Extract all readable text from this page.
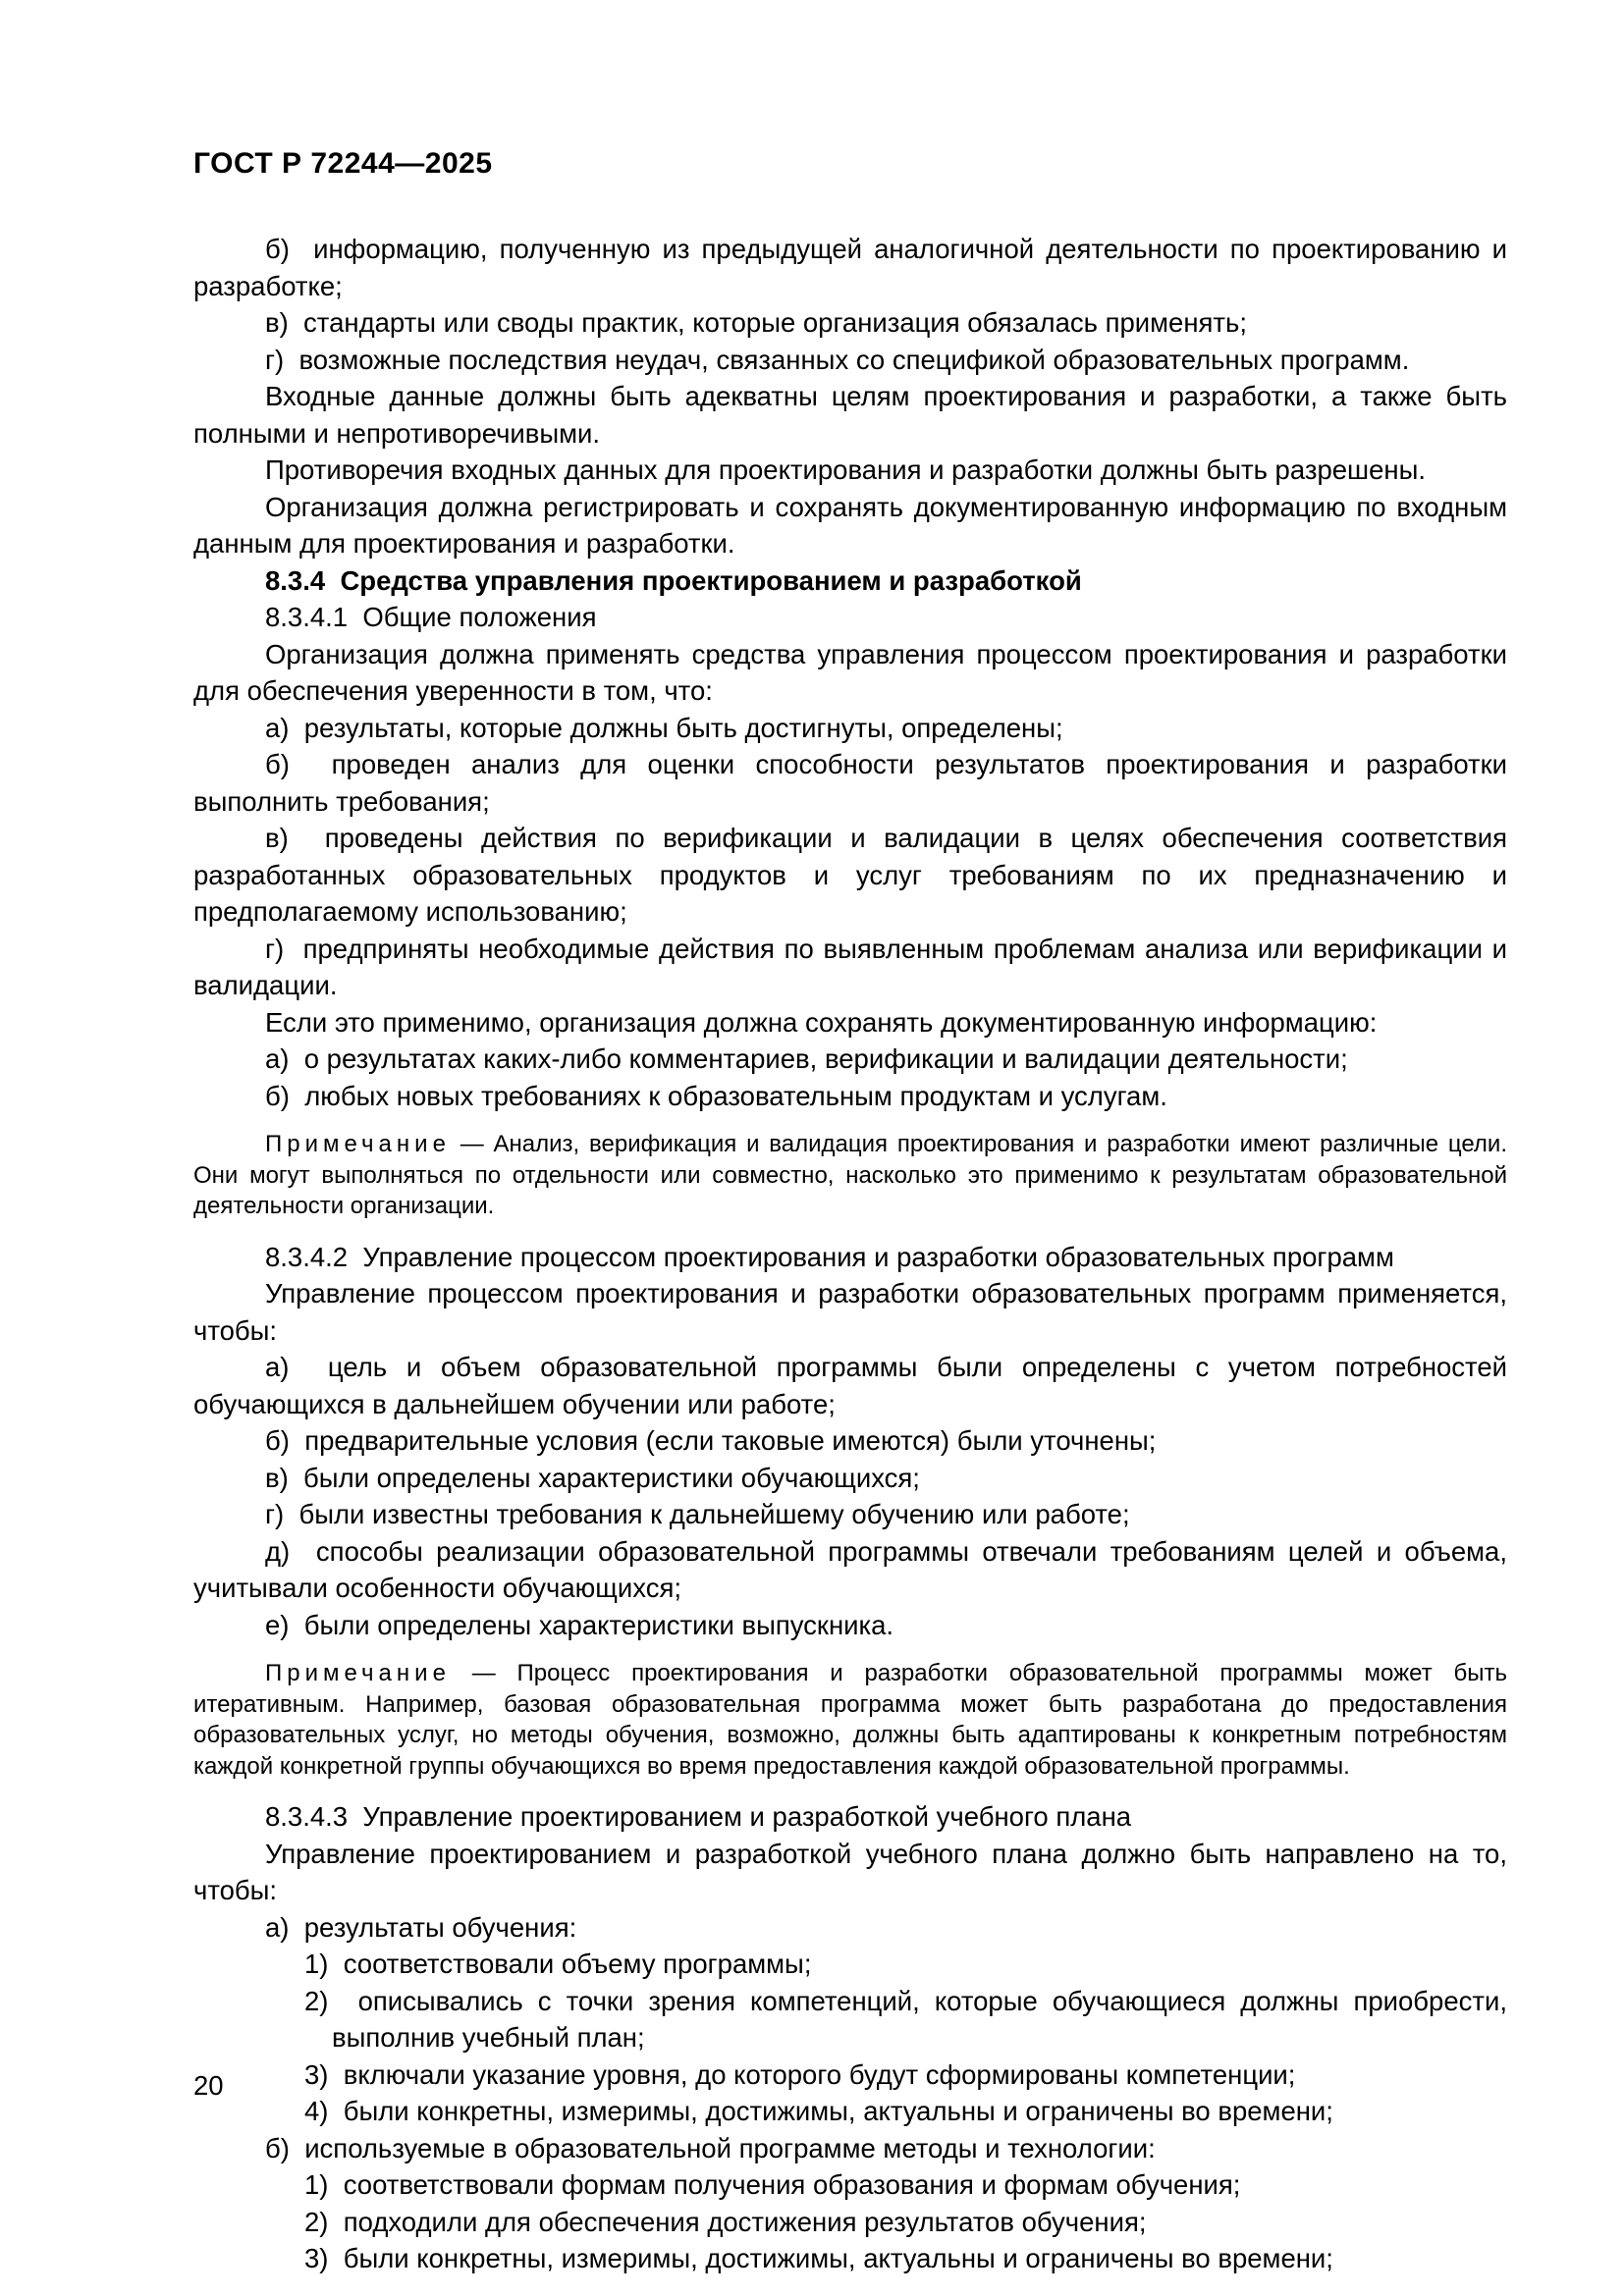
ГОСТ Р 72244—2025
б)  информацию, полученную из предыдущей аналогичной деятельности по проектированию и разработке;
в)  стандарты или своды практик, которые организация обязалась применять;
г)  возможные последствия неудач, связанных со спецификой образовательных программ.
Входные данные должны быть адекватны целям проектирования и разработки, а также быть полными и непротиворечивыми.
Противоречия входных данных для проектирования и разработки должны быть разрешены.
Организация должна регистрировать и сохранять документированную информацию по входным данным для проектирования и разработки.
8.3.4  Средства управления проектированием и разработкой
8.3.4.1  Общие положения
Организация должна применять средства управления процессом проектирования и разработки для обеспечения уверенности в том, что:
а)  результаты, которые должны быть достигнуты, определены;
б)  проведен анализ для оценки способности результатов проектирования и разработки выполнить требования;
в)  проведены действия по верификации и валидации в целях обеспечения соответствия разработанных образовательных продуктов и услуг требованиям по их предназначению и предполагаемому использованию;
г)  предприняты необходимые действия по выявленным проблемам анализа или верификации и валидации.
Если это применимо, организация должна сохранять документированную информацию:
а)  о результатах каких-либо комментариев, верификации и валидации деятельности;
б)  любых новых требованиях к образовательным продуктам и услугам.
Примечание — Анализ, верификация и валидация проектирования и разработки имеют различные цели. Они могут выполняться по отдельности или совместно, насколько это применимо к результатам образовательной деятельности организации.
8.3.4.2  Управление процессом проектирования и разработки образовательных программ
Управление процессом проектирования и разработки образовательных программ применяется, чтобы:
а)  цель и объем образовательной программы были определены с учетом потребностей обучающихся в дальнейшем обучении или работе;
б)  предварительные условия (если таковые имеются) были уточнены;
в)  были определены характеристики обучающихся;
г)  были известны требования к дальнейшему обучению или работе;
д)  способы реализации образовательной программы отвечали требованиям целей и объема, учитывали особенности обучающихся;
е)  были определены характеристики выпускника.
Примечание — Процесс проектирования и разработки образовательной программы может быть итеративным. Например, базовая образовательная программа может быть разработана до предоставления образовательных услуг, но методы обучения, возможно, должны быть адаптированы к конкретным потребностям каждой конкретной группы обучающихся во время предоставления каждой образовательной программы.
8.3.4.3  Управление проектированием и разработкой учебного плана
Управление проектированием и разработкой учебного плана должно быть направлено на то, чтобы:
а)  результаты обучения:
1)  соответствовали объему программы;
2)  описывались с точки зрения компетенций, которые обучающиеся должны приобрести, выполнив учебный план;
3)  включали указание уровня, до которого будут сформированы компетенции;
4)  были конкретны, измеримы, достижимы, актуальны и ограничены во времени;
б)  используемые в образовательной программе методы и технологии:
1)  соответствовали формам получения образования и формам обучения;
2)  подходили для обеспечения достижения результатов обучения;
3)  были конкретны, измеримы, достижимы, актуальны и ограничены во времени;
20
